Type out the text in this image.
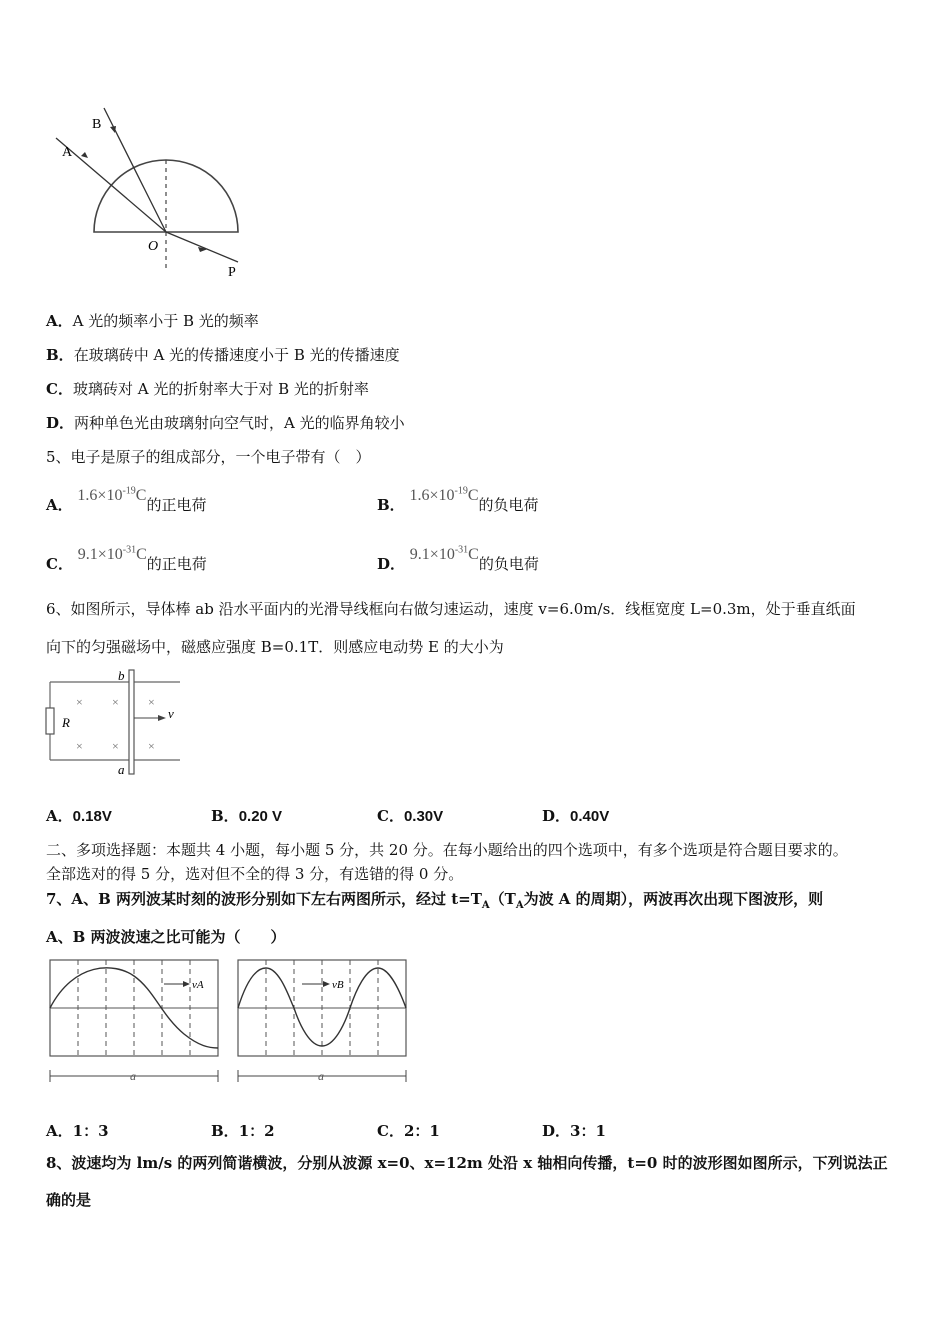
A
B
O
P
A．A 光的频率小于 B 光的频率
B．在玻璃砖中 A 光的传播速度小于 B 光的传播速度
C．玻璃砖对 A 光的折射率大于对 B 光的折射率
D．两种单色光由玻璃射向空气时，A 光的临界角较小
5、电子是原子的组成部分，一个电子带有（　）
A． $1.6\times 10^{-19}C$的正电荷	B． $1.6\times 10^{-19}C$的负电荷
C． $9.1\times 10^{-31}C$的正电荷	D． $9.1\times 10^{-31}C$的负电荷
6、如图所示，导体棒 ab 沿水平面内的光滑导线框向右做匀速运动，速度 v=6.0m/s．线框宽度 L=0.3m，处于垂直纸面
向下的匀强磁场中，磁感应强度 B=0.1T．则感应电动势 E 的大小为
× × ×
× × ×
b
a
R
v
A．0.18V	B．0.20 V	C．0.30V	D．0.40V
二、多项选择题：本题共 4 小题，每小题 5 分，共 20 分。在每小题给出的四个选项中，有多个选项是符合题目要求的。
全部选对的得 5 分，选对但不全的得 3 分，有选错的得 0 分。
7、A、B 两列波某时刻的波形分别如下左右两图所示，经过 $t=T_A(T_A$为波 A 的周期），两波再次出现下图波形，则
A、B 两波波速之比可能为（　　）
vA
a
vB
a
A．1：3	B．1：2	C．2：1	D．3：1
8、波速均为 lm/s 的两列简谐横波，分别从波源 x=0、x=12m 处沿 x 轴相向传播，t=0 时的波形图如图所示，下列说法正
确的是
